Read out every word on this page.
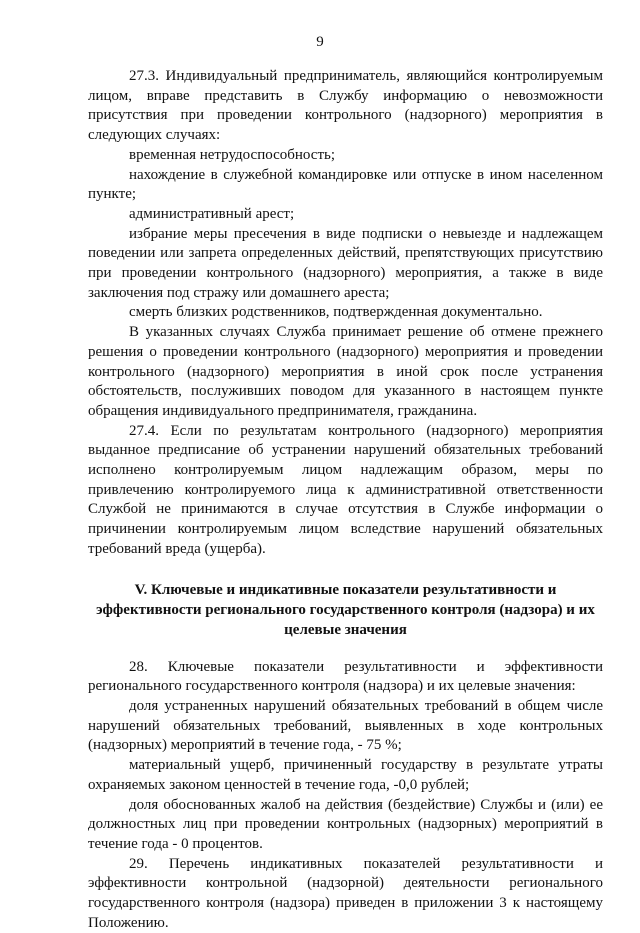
9

27.3. Индивидуальный предприниматель, являющийся контролируемым лицом, вправе представить в Службу информацию о невозможности присутствия при проведении контрольного (надзорного) мероприятия в следующих случаях:

временная нетрудоспособность;

нахождение в служебной командировке или отпуске в ином населенном пункте;

административный арест;

избрание меры пресечения в виде подписки о невыезде и надлежащем поведении или запрета определенных действий, препятствующих присутствию при проведении контрольного (надзорного) мероприятия, а также в виде заключения под стражу или домашнего ареста;

смерть близких родственников, подтвержденная документально.

В указанных случаях Служба принимает решение об отмене прежнего решения о проведении контрольного (надзорного) мероприятия и проведении контрольного (надзорного) мероприятия в иной срок после устранения обстоятельств, послуживших поводом для указанного в настоящем пункте обращения индивидуального предпринимателя, гражданина.

27.4. Если по результатам контрольного (надзорного) мероприятия выданное предписание об устранении нарушений обязательных требований исполнено контролируемым лицом надлежащим образом, меры по привлечению контролируемого лица к административной ответственности Службой не принимаются в случае отсутствия в Службе информации о причинении контролируемым лицом вследствие нарушений обязательных требований вреда (ущерба).

V. Ключевые и индикативные показатели результативности и
эффективности регионального государственного контроля (надзора) и их
целевые значения

28. Ключевые показатели результативности и эффективности регионального государственного контроля (надзора) и их целевые значения:

доля устраненных нарушений обязательных требований в общем числе нарушений обязательных требований, выявленных в ходе контрольных (надзорных) мероприятий в течение года, - 75 %;

материальный ущерб, причиненный государству в результате утраты охраняемых законом ценностей в течение года, -0,0 рублей;

доля обоснованных жалоб на действия (бездействие) Службы и (или) ее должностных лиц при проведении контрольных (надзорных) мероприятий в течение года - 0 процентов.

29. Перечень индикативных показателей результативности и эффективности контрольной (надзорной) деятельности регионального государственного контроля (надзора) приведен в приложении 3 к настоящему Положению.
